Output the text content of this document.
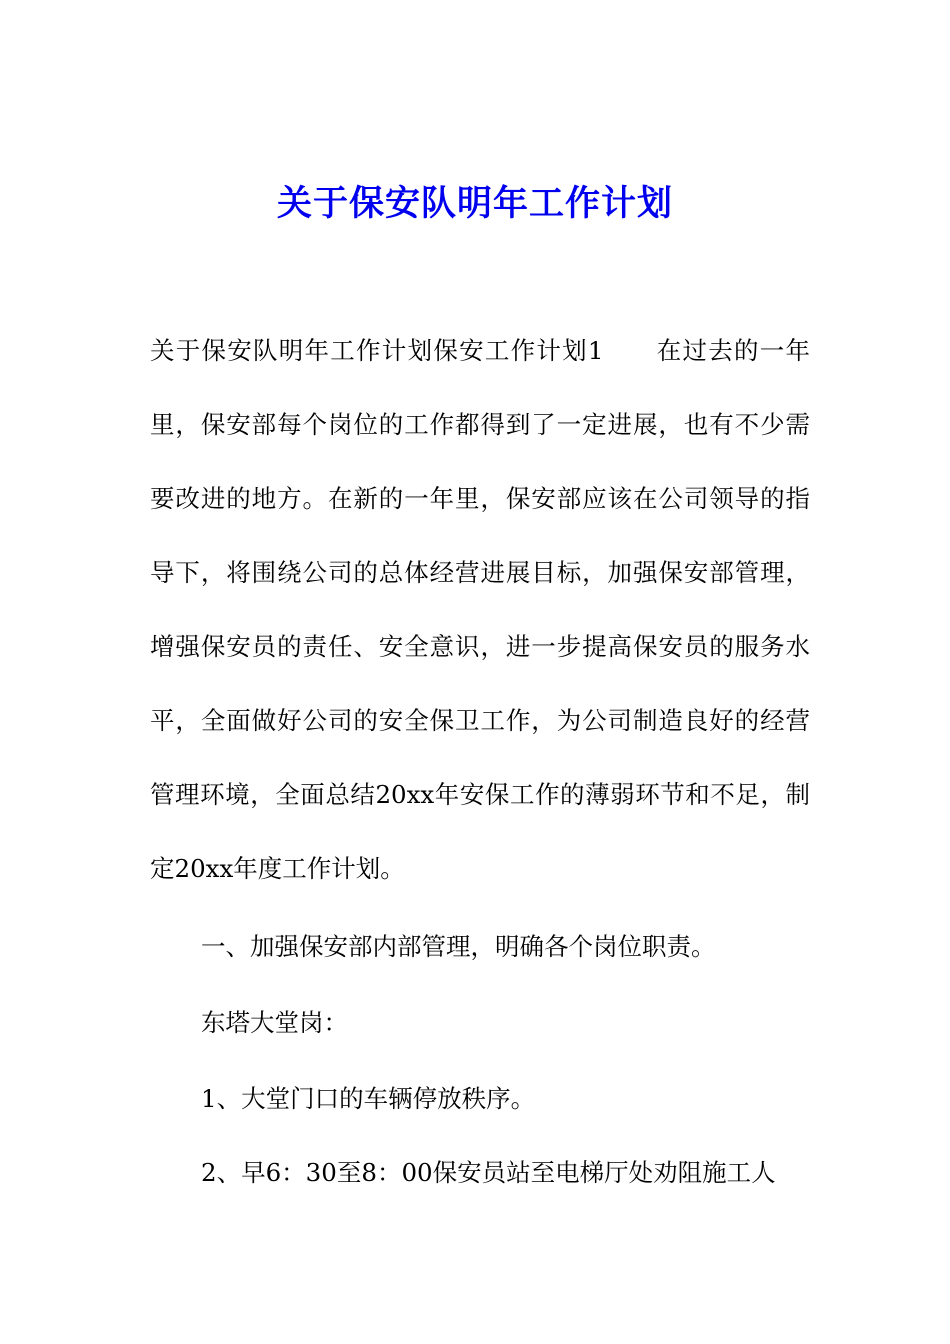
关于保安队明年工作计划

关于保安队明年工作计划保安工作计划1 在过去的一年里，保安部每个岗位的工作都得到了一定进展，也有不少需要改进的地方。在新的一年里，保安部应该在公司领导的指导下，将围绕公司的总体经营进展目标，加强保安部管理，增强保安员的责任、安全意识，进一步提高保安员的服务水平，全面做好公司的安全保卫工作，为公司制造良好的经营管理环境，全面总结20xx年安保工作的薄弱环节和不足，制定20xx年度工作计划。

一、加强保安部内部管理，明确各个岗位职责。
东塔大堂岗：
1、大堂门口的车辆停放秩序。
2、早6：30至8：00保安员站至电梯厅处劝阻施工人
